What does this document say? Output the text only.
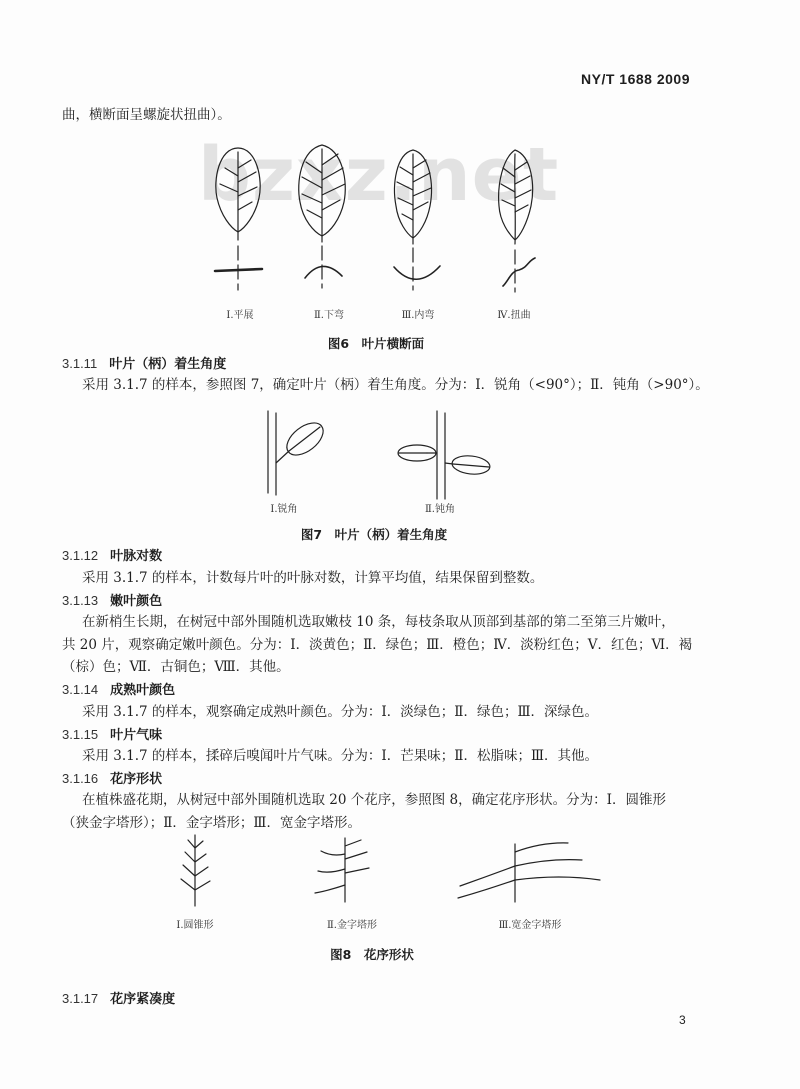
NY/T 1688 2009
bzxz.net
曲，横断面呈螺旋状扭曲）。
Ⅰ.平展	Ⅱ.下弯	Ⅲ.内弯	Ⅳ.扭曲
图6　叶片横断面
3.1.11 叶片（柄）着生角度
采用 3.1.7 的样本，参照图 7，确定叶片（柄）着生角度。分为：Ⅰ．锐角（<90°）；Ⅱ．钝角（>90°）。
Ⅰ.锐角	Ⅱ.钝角
图7　叶片（柄）着生角度
3.1.12 叶脉对数
采用 3.1.7 的样本，计数每片叶的叶脉对数，计算平均值，结果保留到整数。
3.1.13 嫩叶颜色
在新梢生长期，在树冠中部外围随机选取嫩枝 10 条，每枝条取从顶部到基部的第二至第三片嫩叶，
共 20 片，观察确定嫩叶颜色。分为：Ⅰ．淡黄色；Ⅱ．绿色；Ⅲ．橙色；Ⅳ．淡粉红色；Ⅴ．红色；Ⅵ．褐
（棕）色；Ⅶ．古铜色；Ⅷ．其他。
3.1.14 成熟叶颜色
采用 3.1.7 的样本，观察确定成熟叶颜色。分为：Ⅰ．淡绿色；Ⅱ．绿色；Ⅲ．深绿色。
3.1.15 叶片气味
采用 3.1.7 的样本，揉碎后嗅闻叶片气味。分为：Ⅰ．芒果味；Ⅱ．松脂味；Ⅲ．其他。
3.1.16 花序形状
在植株盛花期，从树冠中部外围随机选取 20 个花序，参照图 8，确定花序形状。分为：Ⅰ．圆锥形
（狭金字塔形）；Ⅱ．金字塔形；Ⅲ．宽金字塔形。
Ⅰ.圆锥形	Ⅱ.金字塔形	Ⅲ.宽金字塔形
图8　花序形状
3.1.17 花序紧凑度
3
